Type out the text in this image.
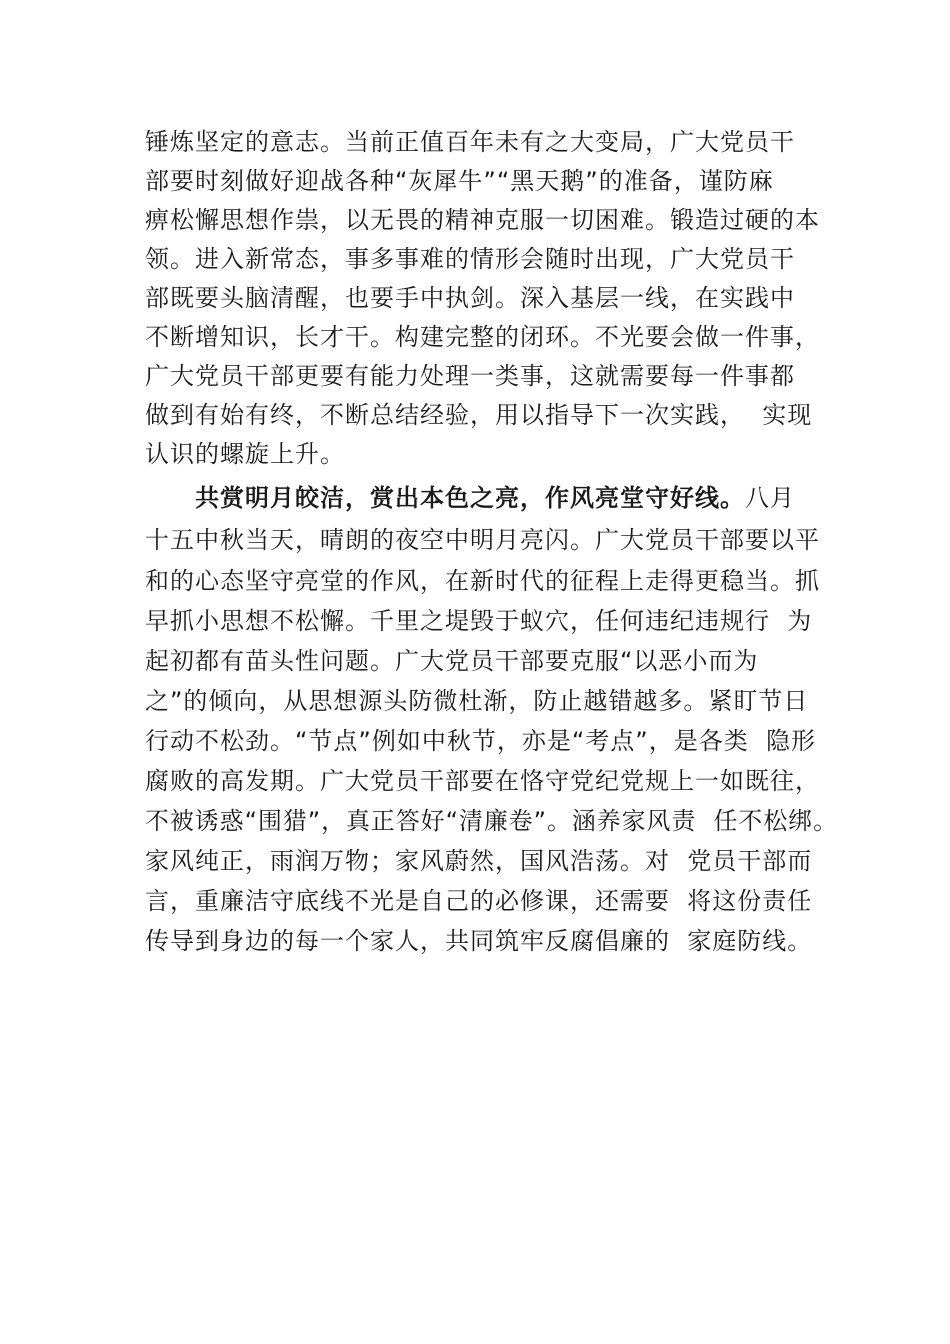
锤炼坚定的意志。当前正值百年未有之大变局，广大党员干
部要时刻做好迎战各种“灰犀牛”“黑天鹅”的准备，谨防麻
痹松懈思想作祟，以无畏的精神克服一切困难。锻造过硬的本
领。进入新常态，事多事难的情形会随时出现，广大党员干
部既要头脑清醒，也要手中执剑。深入基层一线，在实践中
不断增知识，长才干。构建完整的闭环。不光要会做一件事，
广大党员干部更要有能力处理一类事，这就需要每一件事都
做到有始有终，不断总结经验，用以指导下一次实践，  实现
认识的螺旋上升。
共赏明月皎洁，赏出本色之亮，作风亮堂守好线。八月
十五中秋当天，晴朗的夜空中明月亮闪。广大党员干部要以平
和的心态坚守亮堂的作风，在新时代的征程上走得更稳当。抓
早抓小思想不松懈。千里之堤毁于蚁穴，任何违纪违规行  为
起初都有苗头性问题。广大党员干部要克服“以恶小而为
之”的倾向，从思想源头防微杜渐，防止越错越多。紧盯节日
行动不松劲。“节点”例如中秋节，亦是“考点”，是各类  隐形
腐败的高发期。广大党员干部要在恪守党纪党规上一如既往，
不被诱惑“围猎”，真正答好“清廉卷”。涵养家风责  任不松绑。
家风纯正，雨润万物；家风蔚然，国风浩荡。对  党员干部而
言，重廉洁守底线不光是自己的必修课，还需要  将这份责任
传导到身边的每一个家人，共同筑牢反腐倡廉的  家庭防线。
